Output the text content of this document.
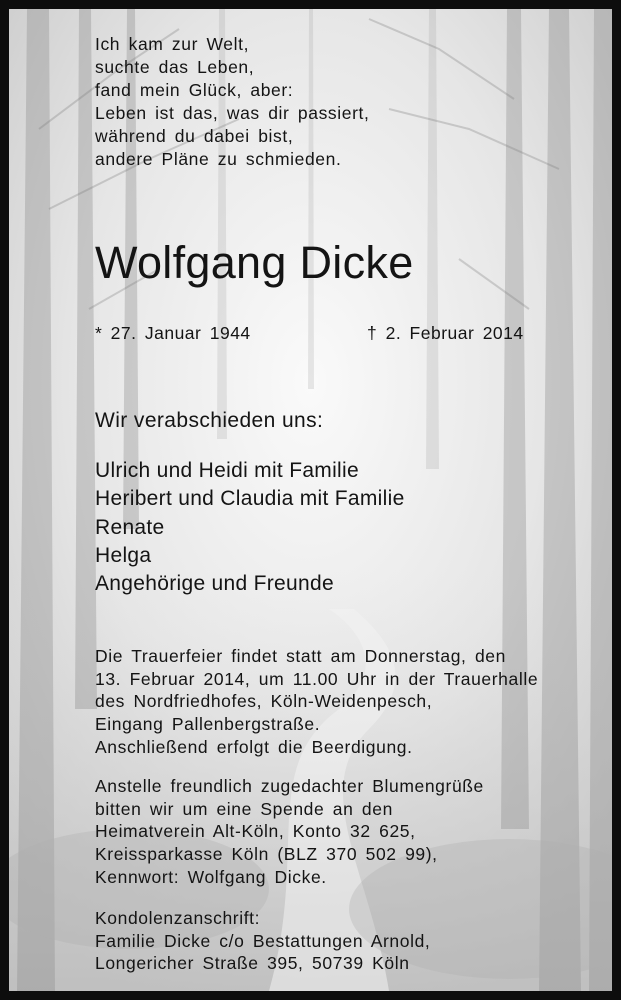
Ich kam zur Welt,
suchte das Leben,
fand mein Glück, aber:
Leben ist das, was dir passiert,
während du dabei bist,
andere Pläne zu schmieden.
Wolfgang Dicke
* 27. Januar 1944	† 2. Februar 2014
Wir verabschieden uns:
Ulrich und Heidi mit Familie
Heribert und Claudia mit Familie
Renate
Helga
Angehörige und Freunde
Die Trauerfeier findet statt am Donnerstag, den
13. Februar 2014, um 11.00 Uhr in der Trauerhalle
des Nordfriedhofes, Köln-Weidenpesch,
Eingang Pallenbergstraße.
Anschließend erfolgt die Beerdigung.
Anstelle freundlich zugedachter Blumengrüße
bitten wir um eine Spende an den
Heimatverein Alt-Köln, Konto 32 625,
Kreissparkasse Köln (BLZ 370 502 99),
Kennwort: Wolfgang Dicke.
Kondolenzanschrift:
Familie Dicke c/o Bestattungen Arnold,
Longericher Straße 395, 50739 Köln
